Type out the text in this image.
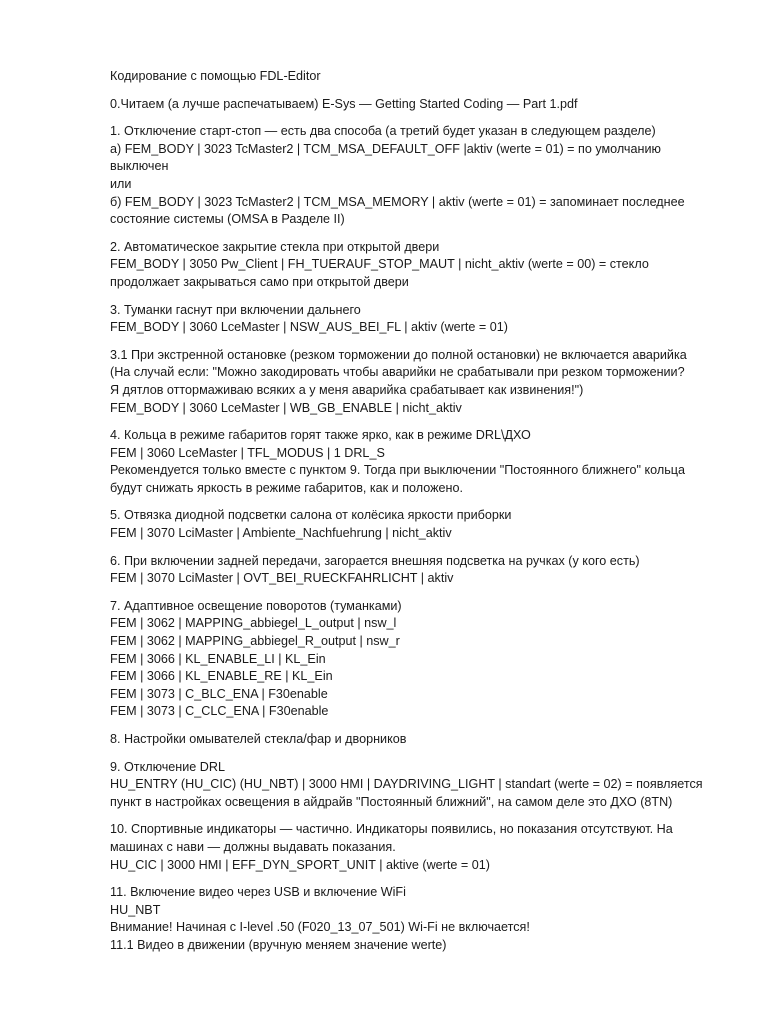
Кодирование с помощью FDL-Editor

0.Читаем (а лучше распечатываем) E-Sys — Getting Started Coding — Part 1.pdf

1. Отключение старт-стоп — есть два способа (а третий будет указан в следующем разделе)
а) FEM_BODY | 3023 TcMaster2 | TCM_MSA_DEFAULT_OFF |aktiv (werte = 01) = по умолчанию
выключен
или
б) FEM_BODY | 3023 TcMaster2 | TCM_MSA_MEMORY | aktiv (werte = 01) = запоминает последнее
состояние системы (OMSA в Разделе II)

2. Автоматическое закрытие стекла при открытой двери
FEM_BODY | 3050 Pw_Client | FH_TUERAUF_STOP_MAUT | nicht_aktiv (werte = 00) = стекло
продолжает закрываться само при открытой двери

3. Туманки гаснут при включении дальнего
FEM_BODY | 3060 LceMaster | NSW_AUS_BEI_FL | aktiv (werte = 01)

3.1 При экстренной остановке (резком торможении до полной остановки) не включается аварийка
(На случай если: "Можно закодировать чтобы аварийки не срабатывали при резком торможении?
Я дятлов оттормаживаю всяких а у меня аварийка срабатывает как извинения!")
FEM_BODY | 3060 LceMaster | WB_GB_ENABLE | nicht_aktiv

4. Кольца в режиме габаритов горят также ярко, как в режиме DRL\ДХО
FEM | 3060 LceMaster | TFL_MODUS | 1 DRL_S
Рекомендуется только вместе с пунктом 9. Тогда при выключении "Постоянного ближнего" кольца
будут снижать яркость в режиме габаритов, как и положено.

5. Отвязка диодной подсветки салона от колёсика яркости приборки
FEM | 3070 LciMaster | Ambiente_Nachfuehrung | nicht_aktiv

6. При включении задней передачи, загорается внешняя подсветка на ручках (у кого есть)
FEM | 3070 LciMaster | OVT_BEI_RUECKFAHRLICHT | aktiv

7. Адаптивное освещение поворотов (туманками)
FEM | 3062 | MAPPING_abbiegel_L_output | nsw_l
FEM | 3062 | MAPPING_abbiegel_R_output | nsw_r
FEM | 3066 | KL_ENABLE_LI | KL_Ein
FEM | 3066 | KL_ENABLE_RE | KL_Ein
FEM | 3073 | C_BLC_ENA | F30enable
FEM | 3073 | C_CLC_ENA | F30enable

8. Настройки омывателей стекла/фар и дворников

9. Отключение DRL
HU_ENTRY (HU_CIC) (HU_NBT) | 3000 HMI | DAYDRIVING_LIGHT | standart (werte = 02) = появляется
пункт в настройках освещения в айдрайв "Постоянный ближний", на самом деле это ДХО (8TN)

10. Спортивные индикаторы — частично. Индикаторы появились, но показания отсутствуют. На
машинах с нави — должны выдавать показания.
HU_CIC | 3000 HMI | EFF_DYN_SPORT_UNIT | aktive (werte = 01)

11. Включение видео через USB и включение WiFi
HU_NBT
Внимание! Начиная с I-level .50 (F020_13_07_501) Wi-Fi не включается!
11.1 Видео в движении (вручную меняем значение werte)
